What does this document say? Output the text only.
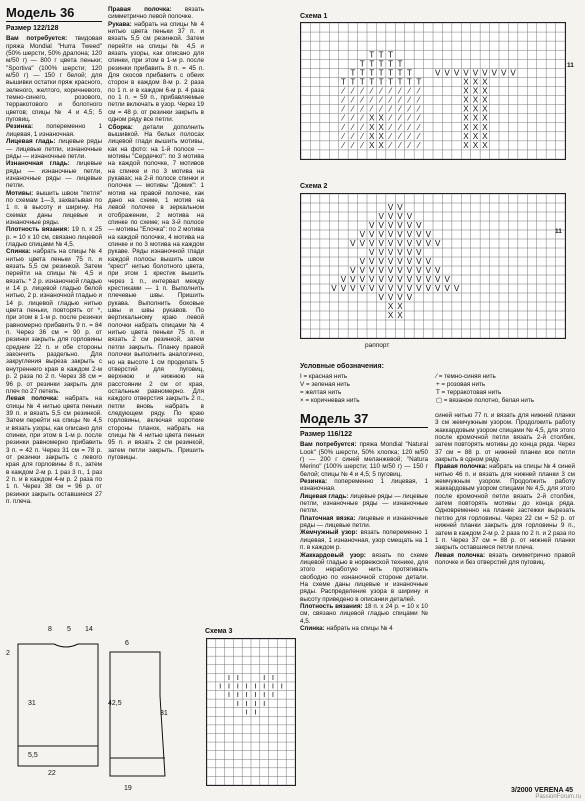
Модель 36
Размер 122/128

Вам потребуется: твидовая пряжа Mondial "Hurra Tweed" (50% шерсти, 50% дралона; 120 м/50 г) — 800 г цвета пеньки; "Sportiva" (100% шерсти; 120 м/50 г) — 150 г белой; для вышивки остатки пряж красного, зеленого, желтого, коричневого, темно-синего, розового, терракотового и болотного цветов; спицы № 4 и 4,5; 5 пуговиц.

Резинка: попеременно 1 лицевая, 1 изнаночная.

Лицевая гладь: лицевые ряды — лицевые петли, изнаночные ряды — изнаночные петли.

Изнаночная гладь: лицевые ряды — изнаночные петли, изнаночные ряды — лицевые петли.

Мотивы: вышить швом "петля" по схемам 1—3, захватывая по 1 п. в высоту и ширину. На схемах даны лицевые и изнаночные ряды.

Плотность вязания: 19 п. х 25 р. = 10 х 10 см, связано лицевой гладью спицами № 4,5.

Спинка: набрать на спицы № 4 нитью цвета пеньки 75 п. и вязать 5,5 см резинкой. Затем перейти на спицы № 4,5 и вязать: * 2 р. изнаночной гладью и 14 р. лицевой гладью белой нитью, 2 р. изнаночной гладью и 14 р. лицевой гладью нитью цвета пеньки, повторять от *, при этом в 1-м р. после резинки равномерно прибавить 9 п. = 84 п. Через 36 см = 90 р. от резинки закрыть для горловины средние 22 п. и обе стороны закончить раздельно. Для закругления выреза закрыть с внутреннего края в каждом 2-м р. 2 раза по 2 п. Через 38 см = 96 р. от резинки закрыть для плеч по 27 петель.

Левая полочка: набрать на спицы № 4 нитью цвета пеньки 39 п. и вязать 5,5 см резинкой. Затем перейти на спицы № 4,5 и вязать узоры, как описано для спинки, при этом в 1-м р. после резинки равномерно прибавить 3 п. = 42 п. Через 31 см = 78 р. от резинки закрыть с левого края для горловины 8 п., затем в каждом 2-м р. 1 раз 3 п., 1 раз 2 п. и в каждом 4-м р. 2 раза по 1 п. Через 38 см = 96 р. от резинки закрыть оставшиеся 27 п. плеча.

Правая полочка: вязать симметрично левой полочке.

Рукава: набрать на спицы № 4 нитью цвета пеньки 37 п. и вязать 5,5 см резинкой. Затем перейти на спицы № 4,5 и вязать узоры, как описано для спинки, при этом в 1-м р. после резинки прибавить 8 п. = 45 п. Для скосов прибавить с обеих сторон в каждом 8-м р. 2 раза по 1 п. и в каждом 6-м р. 4 раза по 1 п. = 59 п., прибавляемые петли включать в узор. Через 19 см = 48 р. от резинки закрыть в одном ряду все петли.

Сборка: детали дополнить вышивкой. На белых полосах лицевой глади вышить мотивы, как на фото: на 1-й полосе — мотивы "Сердечко": по 3 мотива на каждой полочке, 7 мотивов на спинке и по 3 мотива на рукавах; на 2-й полосе спинки и полочек — мотивы "Домик": 1 мотив на правой полочке, как дано на схеме, 1 мотив на левой полочке в зеркальном отображении, 2 мотива на спинке по схеме; на 3-й полосе — мотивы "Елочка": по 2 мотива на каждой полочке, 4 мотива на спинке и по 3 мотива на каждом рукаве. Ряды изнаночной глади каждой полосы вышить швом "крест" нитью болотного цвета, при этом 1 крестик вышить через 1 п., интервал между крестиками — 1 п. Выполнить плечевые швы. Пришить рукава. Выполнить боковые швы и швы рукавов. По вертикальному краю левой полочки набрать спицами № 4 нитью цвета пеньки 75 п. и вязать 2 см резинкой, затем петли закрыть. Планку правой полочки выполнить аналогично, но на высоте 1 см проделать 5 отверстий для пуговиц, верхнюю и нижнюю на расстоянии 2 см от края, остальные равномерно. Для каждого отверстия закрыть 2 п., петли вновь набрать в следующем ряду. По краю горловины, включая короткие стороны планок, набрать на спицы № 4 нитью цвета пеньки 95 п. и вязать 2 см резинкой, затем петли закрыть. Пришить пуговицы.

Схема 1
T T T
T T T T T
T T T T T T T
T T T T T T T T T
⁄ ⁄ ⁄ ⁄ ⁄ ⁄ ⁄ ⁄ ⁄
⁄ ⁄ ⁄ ⁄ ⁄ ⁄ ⁄ ⁄ ⁄
⁄ ⁄ ⁄ ⁄ ⁄ ⁄ ⁄ ⁄ ⁄
⁄ ⁄ ⁄ X X ⁄ ⁄ ⁄ ⁄
⁄ ⁄ ⁄ X X ⁄ ⁄ ⁄ ⁄
⁄ ⁄ ⁄ X X ⁄ ⁄ ⁄ ⁄
⁄ ⁄ ⁄ X X ⁄ ⁄ ⁄ ⁄
V V V V V V V V V
X X X
X X X
X X X
X X X
X X X
X X X
X X X
X X X
11
Схема 2
V V
V V V V
V V V V V V
V V V V V V V V
V V V V V V V V V V
V V V V V V
V V V V V V V V
V V V V V V V V V V
V V V V V V V V V V V V
V V V V V V V V V V V V V V
V V V V
X X
X X
11
раппорт
Условные обозначения:
I = красная нить	⁄ = темно-синяя нить
V = зеленая нить	+ = розовая нить
= желтая нить	T = терракотовая нить
× = коричневая нить	▢ = вязаное полотно, белая нить
Схема 3
I I	I I
I I I I I I I I
I I I I I I
I I I I
I I
8 5 14
6
42,5
31
2
31
5,5
22
19
Модель 37
Размер 116/122

Вам потребуется: пряжа Mondial "Natural Look" (50% шерсти, 50% хлопка; 120 м/50 г) — 200 г синей меланжевой; "Natura Merino" (100% шерсти; 110 м/50 г) — 150 г белой; спицы № 4 и 4,5; 5 пуговиц.

Резинка: попеременно 1 лицевая, 1 изнаночная.

Лицевая гладь: лицевые ряды — лицевые петли, изнаночные ряды — изнаночные петли.

Платочная вязка: лицевые и изнаночные ряды — лицевые петли.

Жемчужный узор: вязать попеременно 1 лицевая, 1 изнаночная, узор смещать на 1 п. в каждом р.

Жаккардовый узор: вязать по схеме лицевой гладью в норвежской технике, для этого неработую нить протягивать свободно по изнаночной стороне детали. На схеме даны лицевые и изнаночные ряды. Распределение узора в ширину и высоту приведено в описании деталей.

Плотность вязания: 18 п. х 24 р. = 10 х 10 см, связано лицевой гладью спицами № 4,5.

Спинка: набрать на спицы № 4

синей нитью 77 п. и вязать для нижней планки 3 см жемчужным узором. Продолжить работу жаккардовым узором спицами № 4,5, для этого после кромочной петли вязать 2-й столбик, затем повторять мотивы до конца ряда. Через 37 см = 88 р. от нижней планки все петли закрыть в одном ряду.

Правая полочка: набрать на спицы № 4 синей нитью 46 п. и вязать для нижней планки 3 см жемчужным узором. Продолжить работу жаккардовым узором спицами № 4,5, для этого после кромочной петли вязать 2-й столбик, затем повторять мотивы до конца ряда. Одновременно на планке застежки вырезать петлю для горловины. Через 22 см = 52 р. от нижней планки закрыть для горловины 9 п., затем в каждом 2-м р. 2 раза по 2 п. и 2 раза по 1 п. Через 37 см = 88 р. от нижней планки закрыть оставшиеся петли плеча.

Левая полочка: вязать симметрично правой полочке и без отверстий для пуговиц.

3/2000 VERENA 45
PassionForum.ru
